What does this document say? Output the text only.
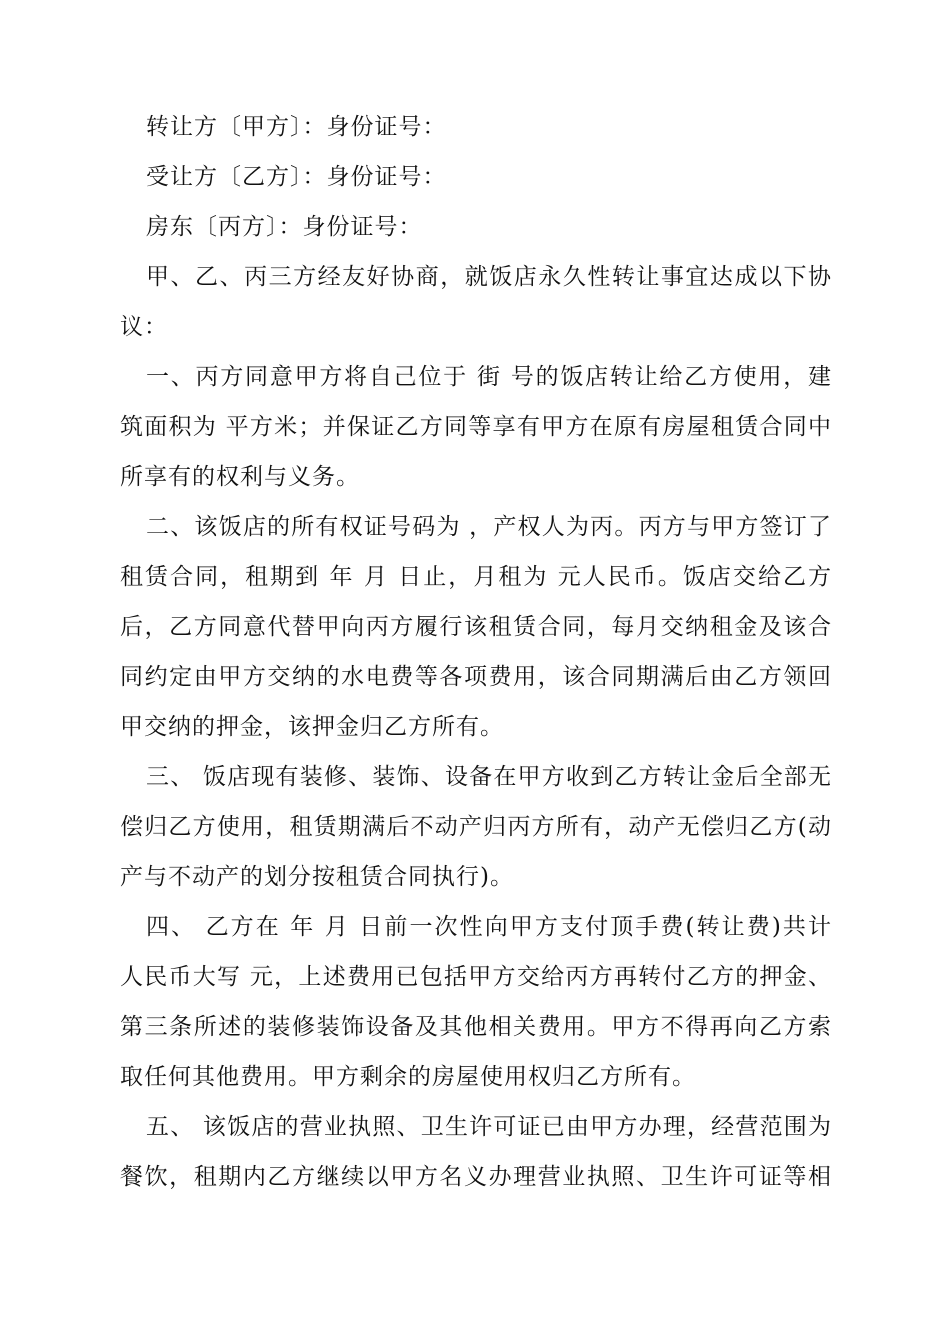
转让方〔甲方〕：身份证号：
受让方〔乙方〕：身份证号：
房东〔丙方〕：身份证号：
甲、乙、丙三方经友好协商，就饭店永久性转让事宜达成以下协
议：
一、丙方同意甲方将自己位于 街 号的饭店转让给乙方使用，建
筑面积为 平方米；并保证乙方同等享有甲方在原有房屋租赁合同中
所享有的权利与义务。
二、该饭店的所有权证号码为 ，产权人为丙。丙方与甲方签订了
租赁合同，租期到 年 月 日止，月租为 元人民币。饭店交给乙方
后，乙方同意代替甲向丙方履行该租赁合同，每月交纳租金及该合
同约定由甲方交纳的水电费等各项费用，该合同期满后由乙方领回
甲交纳的押金，该押金归乙方所有。
三、 饭店现有装修、装饰、设备在甲方收到乙方转让金后全部无
偿归乙方使用，租赁期满后不动产归丙方所有，动产无偿归乙方(动
产与不动产的划分按租赁合同执行)。
四、 乙方在 年 月 日前一次性向甲方支付顶手费(转让费)共计
人民币大写 元，上述费用已包括甲方交给丙方再转付乙方的押金、
第三条所述的装修装饰设备及其他相关费用。甲方不得再向乙方索
取任何其他费用。甲方剩余的房屋使用权归乙方所有。
五、 该饭店的营业执照、卫生许可证已由甲方办理，经营范围为
餐饮，租期内乙方继续以甲方名义办理营业执照、卫生许可证等相
